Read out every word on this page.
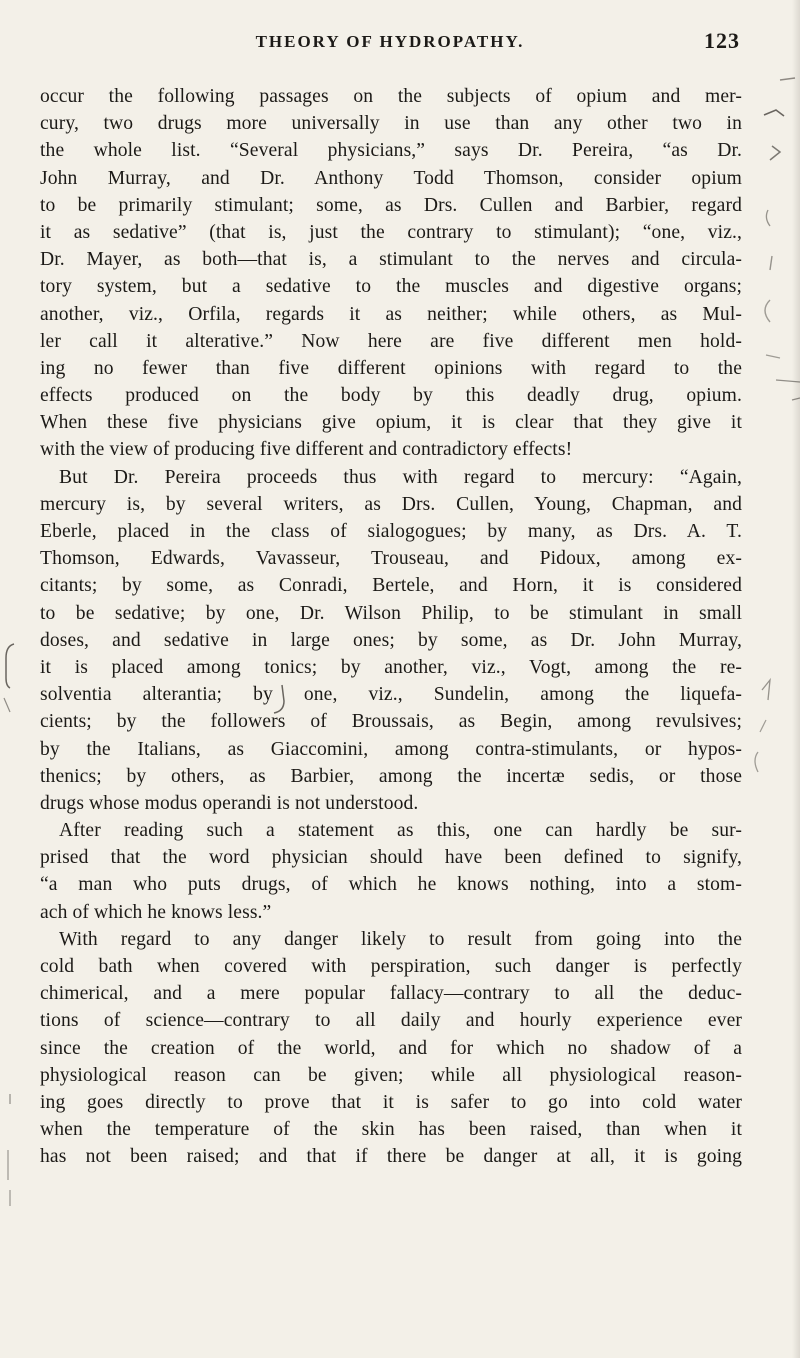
THEORY OF HYDROPATHY.	123
occur the following passages on the subjects of opium and mer-
cury, two drugs more universally in use than any other two in
the whole list. “Several physicians,” says Dr. Pereira, “as Dr.
John Murray, and Dr. Anthony Todd Thomson, consider opium
to be primarily stimulant; some, as Drs. Cullen and Barbier, regard
it as sedative” (that is, just the contrary to stimulant); “one, viz.,
Dr. Mayer, as both—that is, a stimulant to the nerves and circula-
tory system, but a sedative to the muscles and digestive organs;
another, viz., Orfila, regards it as neither; while others, as Mul-
ler call it alterative.” Now here are five different men hold-
ing no fewer than five different opinions with regard to the
effects produced on the body by this deadly drug, opium.
When these five physicians give opium, it is clear that they give it
with the view of producing five different and contradictory effects!
But Dr. Pereira proceeds thus with regard to mercury: “Again,
mercury is, by several writers, as Drs. Cullen, Young, Chapman, and
Eberle, placed in the class of sialogogues; by many, as Drs. A. T.
Thomson, Edwards, Vavasseur, Trouseau, and Pidoux, among ex-
citants; by some, as Conradi, Bertele, and Horn, it is considered
to be sedative; by one, Dr. Wilson Philip, to be stimulant in small
doses, and sedative in large ones; by some, as Dr. John Murray,
it is placed among tonics; by another, viz., Vogt, among the re-
solventia alterantia; by one, viz., Sundelin, among the liquefa-
cients; by the followers of Broussais, as Begin, among revulsives;
by the Italians, as Giaccomini, among contra-stimulants, or hypos-
thenics; by others, as Barbier, among the incertæ sedis, or those
drugs whose modus operandi is not understood.
After reading such a statement as this, one can hardly be sur-
prised that the word physician should have been defined to signify,
“a man who puts drugs, of which he knows nothing, into a stom-
ach of which he knows less.”
With regard to any danger likely to result from going into the
cold bath when covered with perspiration, such danger is perfectly
chimerical, and a mere popular fallacy—contrary to all the deduc-
tions of science—contrary to all daily and hourly experience ever
since the creation of the world, and for which no shadow of a
physiological reason can be given; while all physiological reason-
ing goes directly to prove that it is safer to go into cold water
when the temperature of the skin has been raised, than when it
has not been raised; and that if there be danger at all, it is going
